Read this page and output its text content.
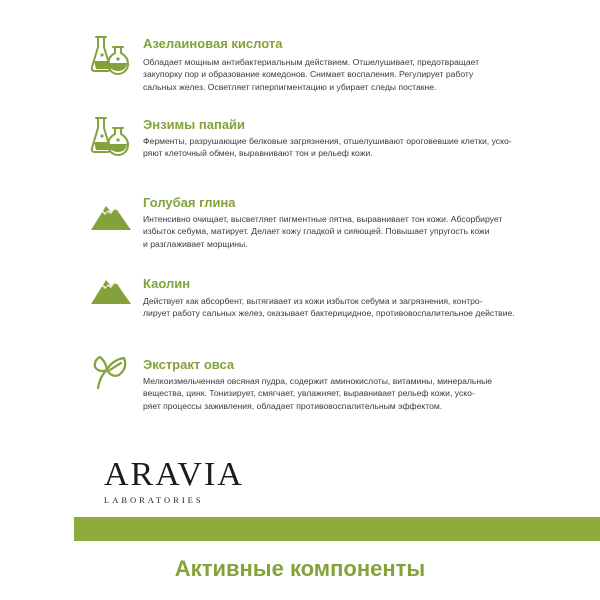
Азелаиновая кислота
Обладает мощным антибактериальным действием. Отшелушивает, предотвращает
закупорку пор и образование комедонов. Снимает воспаления. Регулирует работу
сальных желез. Осветляет гиперпигментацию и убирает следы постакне.
Энзимы папайи
Ферменты, разрушающие белковые загрязнения, отшелушивают ороговевшие клетки, уско-
ряют клеточный обмен, выравнивают тон и рельеф кожи.
Голубая глина
Интенсивно очищает, высветляет пигментные пятна, выравнивает тон кожи. Абсорбирует
избыток себума, матирует. Делает кожу гладкой и сияющей. Повышает упругость кожи
и разглаживает морщины.
Каолин
Действует как абсорбент, вытягивает из кожи избыток себума и загрязнения, контро-
лирует работу сальных желез, оказывает бактерицидное, противовоспалительное действие.
Экстракт овса
Мелкоизмельченная овсяная пудра, содержит аминокислоты, витамины, минеральные
вещества, цинк. Тонизирует, смягчает, увлажняет, выравнивает рельеф кожи, уско-
ряет процессы заживления, обладает противовоспалительным эффектом.
ARAVIA
LABORATORIES
Активные компоненты
